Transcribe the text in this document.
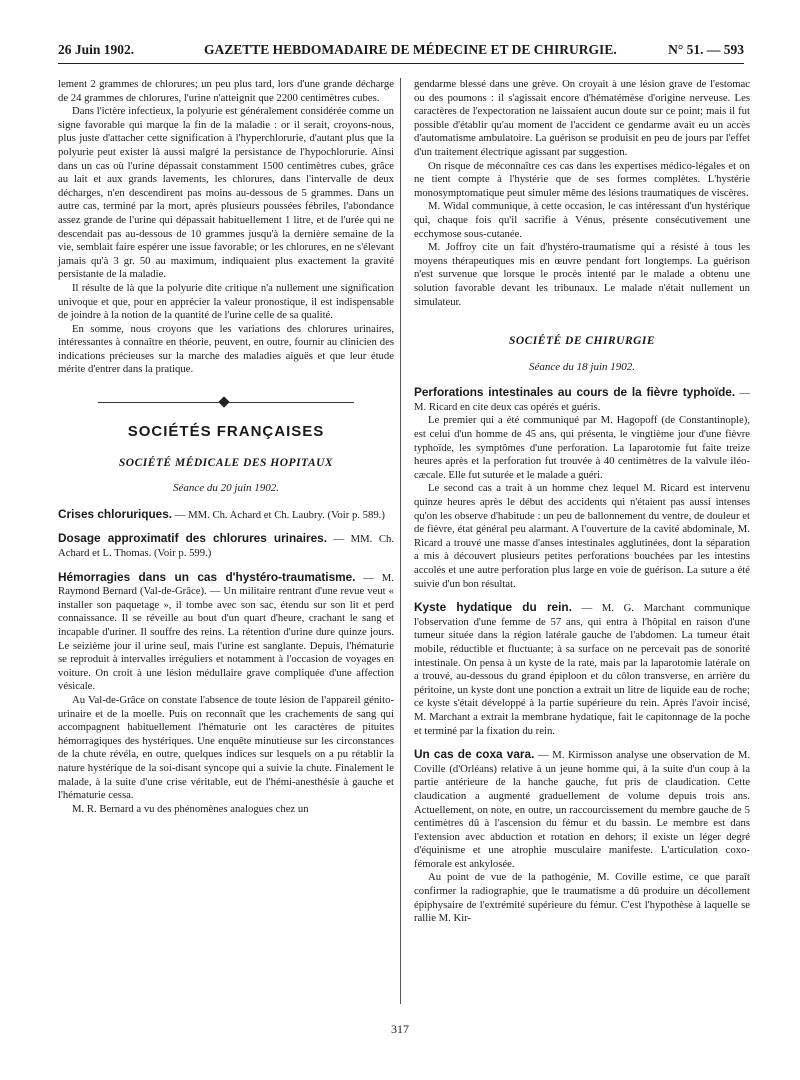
26 Juin 1902.	GAZETTE HEBDOMADAIRE DE MÉDECINE ET DE CHIRURGIE.	N° 51. — 593

lement 2 grammes de chlorures; un peu plus tard, lors d'une grande décharge de 24 grammes de chlorures, l'urine n'atteignit que 2200 centimètres cubes.

Dans l'ictère infectieux, la polyurie est généralement considérée comme un signe favorable qui marque la fin de la maladie : or il serait, croyons-nous, plus juste d'attacher cette signification à l'hyperchlorurie, d'autant plus que la polyurie peut exister là aussi malgré la persistance de l'hypochlorurie. Ainsi dans un cas où l'urine dépassait constamment 1500 centimètres cubes, grâce au lait et aux grands lavements, les chlorures, dans l'intervalle de deux décharges, n'en descendirent pas moins au-dessous de 5 grammes. Dans un autre cas, terminé par la mort, après plusieurs poussées fébriles, l'abondance assez grande de l'urine qui dépassait habituellement 1 litre, et de l'urée qui ne descendait pas au-dessous de 10 grammes jusqu'à la dernière semaine de la vie, semblait faire espérer une issue favorable; or les chlorures, en ne s'élevant jamais qu'à 3 gr. 50 au maximum, indiquaient plus exactement la gravité persistante de la maladie.

Il résulte de là que la polyurie dite critique n'a nullement une signification univoque et que, pour en apprécier la valeur pronostique, il est indispensable de joindre à la notion de la quantité de l'urine celle de sa qualité.

En somme, nous croyons que les variations des chlorures urinaires, intéressantes à connaître en théorie, peuvent, en outre, fournir au clinicien des indications précieuses sur la marche des maladies aiguës et que leur étude mérite d'entrer dans la pratique.

SOCIÉTÉS FRANÇAISES
SOCIÉTÉ MÉDICALE DES HOPITAUX
Séance du 20 juin 1902.

Crises chloruriques. — MM. Ch. Achard et Ch. Laubry. (Voir p. 589.)

Dosage approximatif des chlorures urinaires. — MM. Ch. Achard et L. Thomas. (Voir p. 599.)

Hémorragies dans un cas d'hystéro-traumatisme. — M. Raymond Bernard (Val-de-Grâce). — Un militaire rentrant d'une revue veut « installer son paquetage », il tombe avec son sac, étendu sur son lit et perd connaissance. Il se réveille au bout d'un quart d'heure, crachant le sang et incapable d'uriner. Il souffre des reins. La rétention d'urine dure quinze jours. Le seizième jour il urine seul, mais l'urine est sanglante. Depuis, l'hématurie se reproduit à intervalles irréguliers et notamment à l'occasion de voyages en voiture. On croit à une lésion médullaire grave compliquée d'une affection vésicale.

Au Val-de-Grâce on constate l'absence de toute lésion de l'appareil génito-urinaire et de la moelle. Puis on reconnaît que les crachements de sang qui accompagnent habituellement l'hématurie ont les caractères de pituites hémorragiques des hystériques. Une enquête minutieuse sur les circonstances de la chute révéla, en outre, quelques indices sur lesquels on a pu rétablir la nature hystérique de la soi-disant syncope qui a suivie la chute. Finalement le malade, à la suite d'une crise véritable, eut de l'hémi-anesthésie à gauche et l'hématurie cessa.

M. R. Bernard a vu des phénomènes analogues chez un

gendarme blessé dans une grève. On croyait à une lésion grave de l'estomac ou des poumons : il s'agissait encore d'hématémèse d'origine nerveuse. Les caractères de l'expectoration ne laissaient aucun doute sur ce point; mais il fut possible d'établir qu'au moment de l'accident ce gendarme avait eu un accès d'automatisme ambulatoire. La guérison se produisit en peu de jours par l'effet d'un traitement électrique agissant par suggestion.

On risque de méconnaître ces cas dans les expertises médico-légales et on ne tient compte à l'hystérie que de ses formes complètes. L'hystérie monosymptomatique peut simuler même des lésions traumatiques de viscères.

M. Widal communique, à cette occasion, le cas intéressant d'un hystérique qui, chaque fois qu'il sacrifie à Vénus, présente consécutivement une ecchymose sous-cutanée.

M. Joffroy cite un fait d'hystéro-traumatisme qui a résisté à tous les moyens thérapeutiques mis en œuvre pendant fort longtemps. La guérison n'est survenue que lorsque le procès intenté par le malade a obtenu une solution favorable devant les tribunaux. Le malade n'était nullement un simulateur.

SOCIÉTÉ DE CHIRURGIE
Séance du 18 juin 1902.

Perforations intestinales au cours de la fièvre typhoïde. — M. Ricard en cite deux cas opérés et guéris.

Le premier qui a été communiqué par M. Hagopoff (de Constantinople), est celui d'un homme de 45 ans, qui présenta, le vingtième jour d'une fièvre typhoïde, les symptômes d'une perforation. La laparotomie fut faite treize heures après et la perforation fut trouvée à 40 centimètres de la valvule iléo-cæcale. Elle fut suturée et le malade a guéri.

Le second cas a trait à un homme chez lequel M. Ricard est intervenu quinze heures après le début des accidents qui n'étaient pas aussi intenses qu'on les observe d'habitude : un peu de ballonnement du ventre, de douleur et de fièvre, état général peu alarmant. A l'ouverture de la cavité abdominale, M. Ricard a trouvé une masse d'anses intestinales agglutinées, dont la séparation a mis à découvert plusieurs petites perforations bouchées par les intestins accolés et une autre perforation plus large en voie de guérison. La suture a été suivie d'un bon résultat.

Kyste hydatique du rein. — M. G. Marchant communique l'observation d'une femme de 57 ans, qui entra à l'hôpital en raison d'une tumeur située dans la région latérale gauche de l'abdomen. La tumeur était mobile, réductible et fluctuante; à sa surface on ne percevait pas de sonorité intestinale. On pensa à un kyste de la rate, mais par la laparotomie latérale on a trouvé, au-dessous du grand épiploon et du côlon transverse, en arrière du péritoine, un kyste dont une ponction a extrait un litre de liquide eau de roche; ce kyste s'était développé à la partie supérieure du rein. Après l'avoir incisé, M. Marchant a extrait la membrane hydatique, fait le capitonnage de la poche et terminé par la fixation du rein.

Un cas de coxa vara. — M. Kirmisson analyse une observation de M. Coville (d'Orléans) relative à un jeune homme qui, à la suite d'un coup à la partie antérieure de la hanche gauche, fut pris de claudication. Cette claudication a augmenté graduellement de volume depuis trois ans. Actuellement, on note, en outre, un raccourcissement du membre gauche de 5 centimètres dû à l'ascension du fémur et du bassin. Le membre est dans l'extension avec abduction et rotation en dehors; il existe un léger degré d'équinisme et une atrophie musculaire manifeste. L'articulation coxo-fémorale est ankylosée.

Au point de vue de la pathogénie, M. Coville estime, ce que paraît confirmer la radiographie, que le traumatisme a dû produire un décollement épiphysaire de l'extrémité supérieure du fémur. C'est l'hypothèse à laquelle se rallie M. Kir-

317
